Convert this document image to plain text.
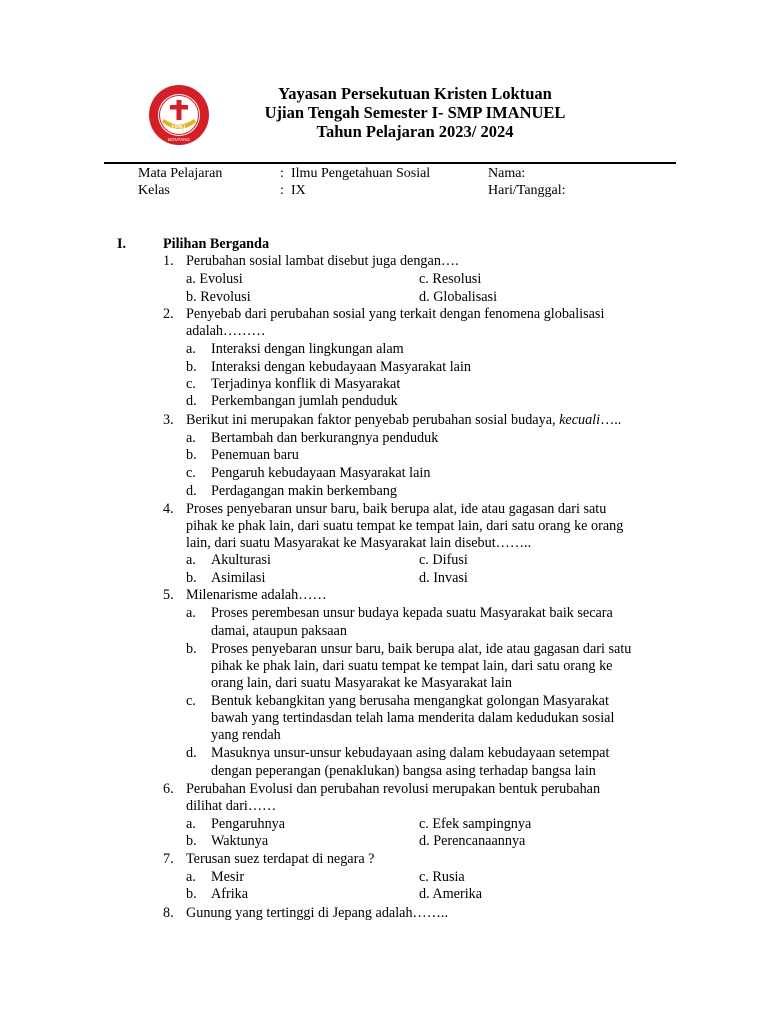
YPKL
BONTANG
Yayasan Persekutuan Kristen Loktuan
Ujian Tengah Semester I- SMP IMANUEL
Tahun Pelajaran 2023/ 2024
Mata Pelajaran	: Ilmu Pengetahuan Sosial	Nama:
Kelas	: IX	Hari/Tanggal:
I.	Pilihan Berganda
1. Perubahan sosial lambat disebut juga dengan….
a. Evolusi	c. Resolusi
b. Revolusi	d. Globalisasi
2. Penyebab dari perubahan sosial yang terkait dengan fenomena globalisasi
adalah………
a. Interaksi dengan lingkungan alam
b. Interaksi dengan kebudayaan Masyarakat lain
c. Terjadinya konflik di Masyarakat
d. Perkembangan jumlah penduduk
3. Berikut ini merupakan faktor penyebab perubahan sosial budaya, kecuali…..
a. Bertambah dan berkurangnya penduduk
b. Penemuan baru
c. Pengaruh kebudayaan Masyarakat lain
d. Perdagangan makin berkembang
4. Proses penyebaran unsur baru, baik berupa alat, ide atau gagasan dari satu
pihak ke phak lain, dari suatu tempat ke tempat lain, dari satu orang ke orang
lain, dari suatu Masyarakat ke Masyarakat lain disebut……..
a. Akulturasi	c. Difusi
b. Asimilasi	d. Invasi
5. Milenarisme adalah……
a. Proses perembesan unsur budaya kepada suatu Masyarakat baik secara
damai, ataupun paksaan
b. Proses penyebaran unsur baru, baik berupa alat, ide atau gagasan dari satu
pihak ke phak lain, dari suatu tempat ke tempat lain, dari satu orang ke
orang lain, dari suatu Masyarakat ke Masyarakat lain
c. Bentuk kebangkitan yang berusaha mengangkat golongan Masyarakat
bawah yang tertindasdan telah lama menderita dalam kedudukan sosial
yang rendah
d. Masuknya unsur-unsur kebudayaan asing dalam kebudayaan setempat
dengan peperangan (penaklukan) bangsa asing terhadap bangsa lain
6. Perubahan Evolusi dan perubahan revolusi merupakan bentuk perubahan
dilihat dari……
a. Pengaruhnya	c. Efek sampingnya
b. Waktunya	d. Perencanaannya
7. Terusan suez terdapat di negara ?
a. Mesir	c. Rusia
b. Afrika	d. Amerika
8. Gunung yang tertinggi di Jepang adalah……..
